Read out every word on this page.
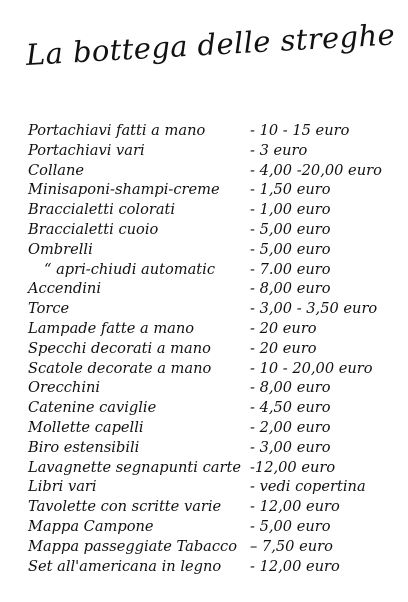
La bottega delle streghe
Portachiavi fatti a mano	- 10 - 15 euro
Portachiavi vari	- 3 euro
Collane	- 4,00 -20,00 euro
Minisaponi-shampi-creme - 1,50 euro
Braccialetti colorati	- 1,00 euro
Braccialetti cuoio	- 5,00 euro
Ombrelli	- 5,00 euro
“ apri-chiudi automatic - 7.00 euro
Accendini	- 8,00 euro
Torce	- 3,00 - 3,50 euro
Lampade fatte a mano	- 20 euro
Specchi decorati a mano	- 20 euro
Scatole decorate a mano	- 10 - 20,00 euro
Orecchini	- 8,00 euro
Catenine caviglie	- 4,50 euro
Mollette capelli	- 2,00 euro
Biro estensibili	- 3,00 euro
Lavagnette segnapunti carte -12,00 euro
Libri vari	- vedi copertina
Tavolette con scritte varie - 12,00 euro
Mappa Campone	- 5,00 euro
Mappa passeggiate Tabacco – 7,50 euro
Set all'americana in legno - 12,00 euro
